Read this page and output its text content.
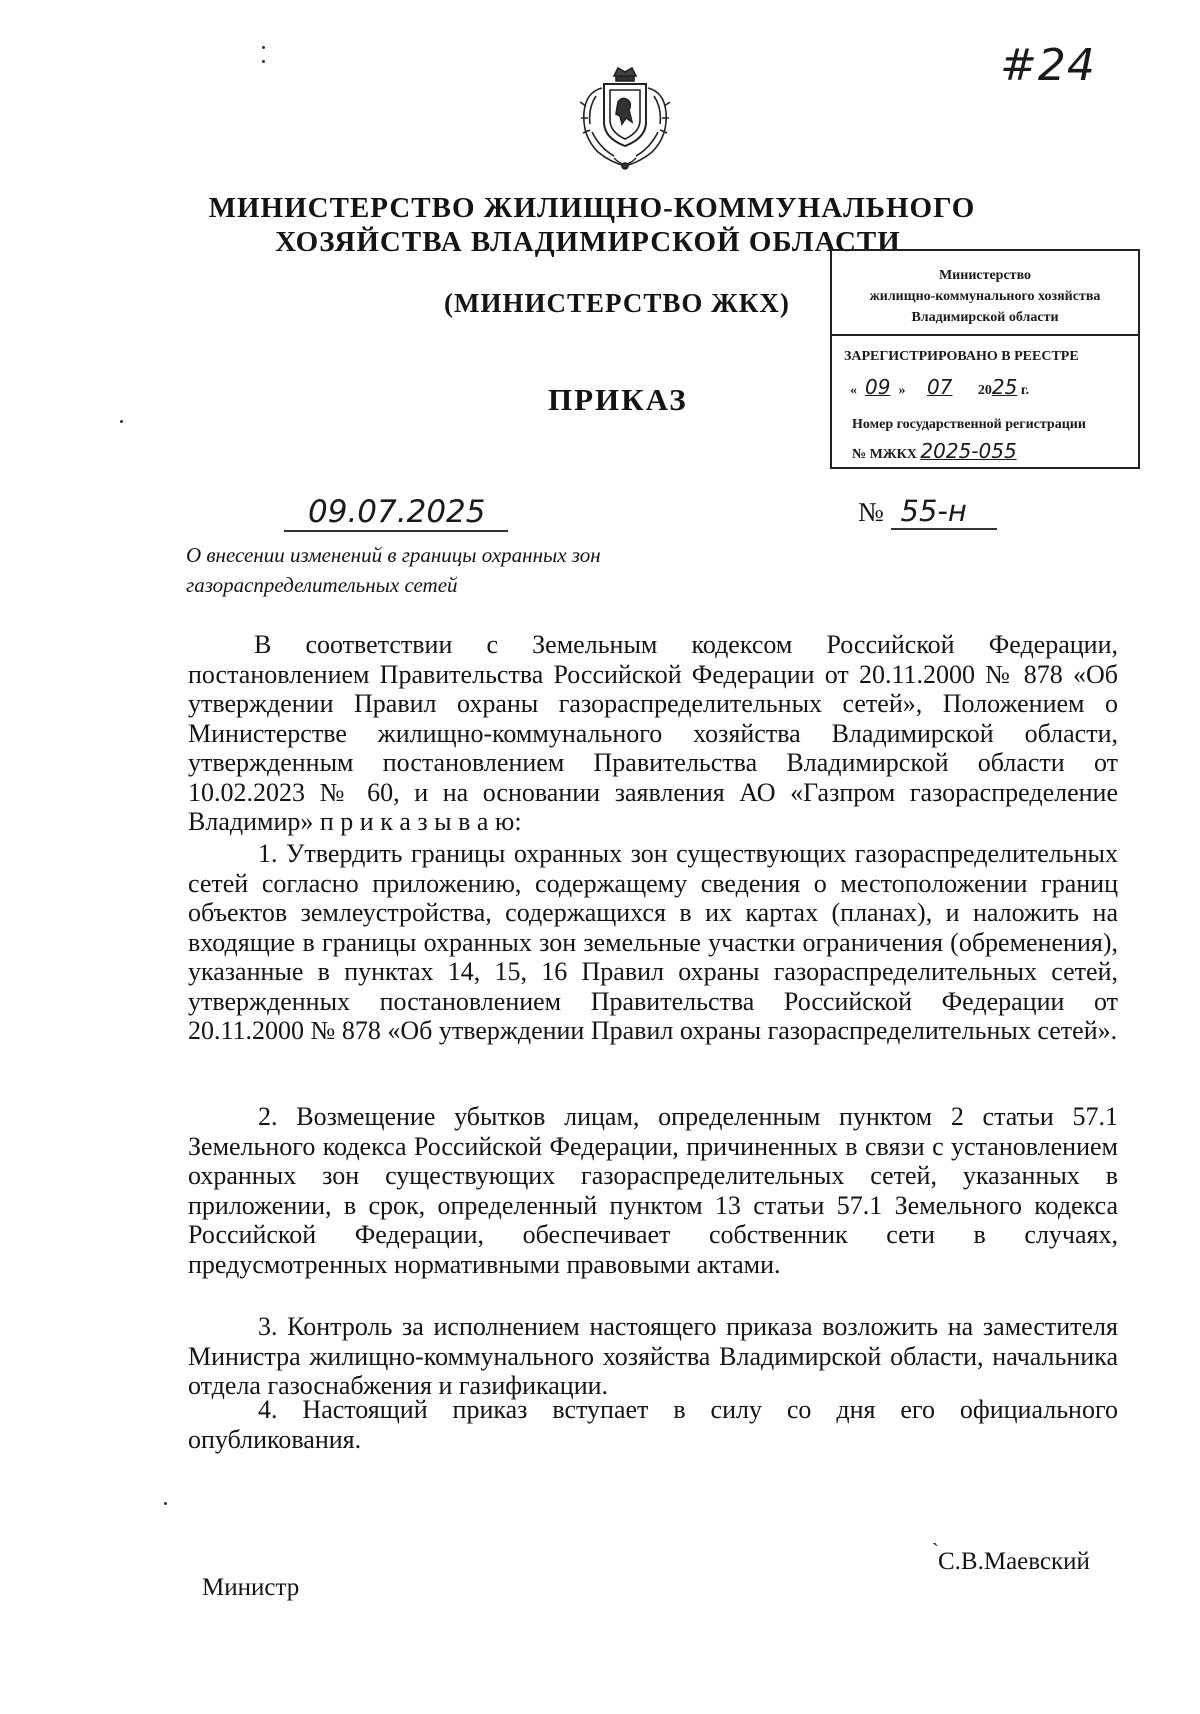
#24
МИНИСТЕРСТВО ЖИЛИЩНО-КОММУНАЛЬНОГО
ХОЗЯЙСТВА ВЛАДИМИРСКОЙ ОБЛАСТИ
(МИНИСТЕРСТВО ЖКХ)
ПРИКАЗ
Министерство
жилищно-коммунального хозяйства
Владимирской области
ЗАРЕГИСТРИРОВАНО В РЕЕСТРЕ
« 09 » 07 2025 г.
Номер государственной регистрации
№ МЖКХ 2025-055
09.07.2025	№ 55-н
О внесении изменений в границы охранных зон
газораспределительных сетей

В соответствии с Земельным кодексом Российской Федерации, постановлением Правительства Российской Федерации от 20.11.2000 № 878 «Об утверждении Правил охраны газораспределительных сетей», Положением о Министерстве жилищно-коммунального хозяйства Владимирской области, утвержденным постановлением Правительства Владимирской области от 10.02.2023 № 60, и на основании заявления АО «Газпром газораспределение Владимир» п р и к а з ы в а ю:

1. Утвердить границы охранных зон существующих газораспределительных сетей согласно приложению, содержащему сведения о местоположении границ объектов землеустройства, содержащихся в их картах (планах), и наложить на входящие в границы охранных зон земельные участки ограничения (обременения), указанные в пунктах 14, 15, 16 Правил охраны газораспределительных сетей, утвержденных постановлением Правительства Российской Федерации от 20.11.2000 № 878 «Об утверждении Правил охраны газораспределительных сетей».

2. Возмещение убытков лицам, определенным пунктом 2 статьи 57.1 Земельного кодекса Российской Федерации, причиненных в связи с установлением охранных зон существующих газораспределительных сетей, указанных в приложении, в срок, определенный пунктом 13 статьи 57.1 Земельного кодекса Российской Федерации, обеспечивает собственник сети в случаях, предусмотренных нормативными правовыми актами.

3. Контроль за исполнением настоящего приказа возложить на заместителя Министра жилищно-коммунального хозяйства Владимирской области, начальника отдела газоснабжения и газификации.

4. Настоящий приказ вступает в силу со дня его официального опубликования.

Министр
` С.В.Маевский
